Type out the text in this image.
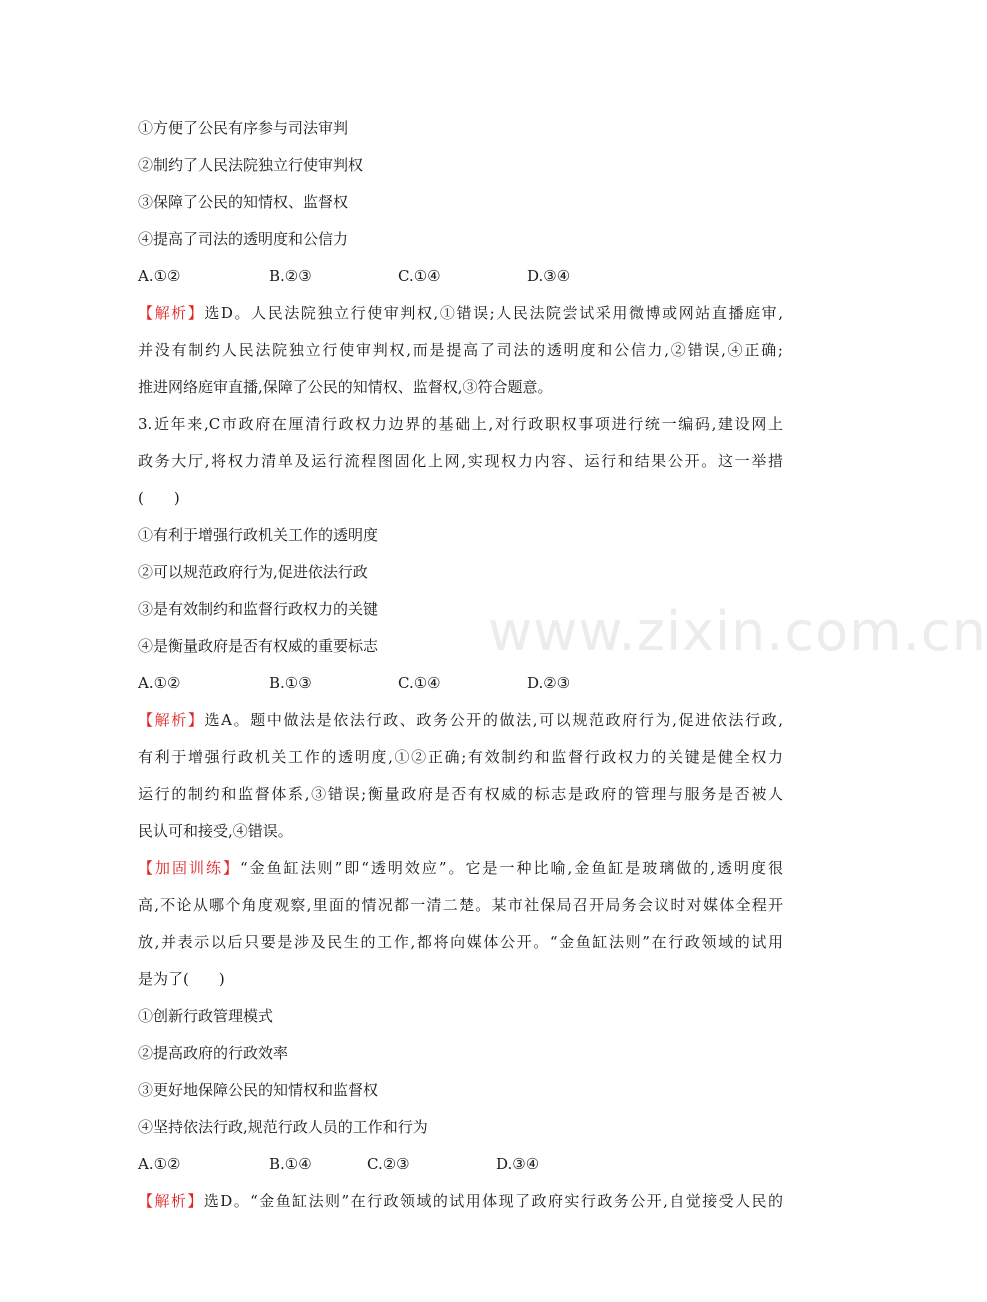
www.zixin.com.cn
①方便了公民有序参与司法审判
②制约了人民法院独立行使审判权
③保障了公民的知情权、监督权
④提高了司法的透明度和公信力
A.①②	B.②③	C.①④	D.③④
【解析】选D。人民法院独立行使审判权,①错误;人民法院尝试采用微博或网站直播庭审,
并没有制约人民法院独立行使审判权,而是提高了司法的透明度和公信力,②错误,④正确;
推进网络庭审直播,保障了公民的知情权、监督权,③符合题意。
3.近年来,C市政府在厘清行政权力边界的基础上,对行政职权事项进行统一编码,建设网上
政务大厅,将权力清单及运行流程图固化上网,实现权力内容、运行和结果公开。这一举措
(　　)
①有利于增强行政机关工作的透明度
②可以规范政府行为,促进依法行政
③是有效制约和监督行政权力的关键
④是衡量政府是否有权威的重要标志
A.①②	B.①③	C.①④	D.②③
【解析】选A。题中做法是依法行政、政务公开的做法,可以规范政府行为,促进依法行政,
有利于增强行政机关工作的透明度,①②正确;有效制约和监督行政权力的关键是健全权力
运行的制约和监督体系,③错误;衡量政府是否有权威的标志是政府的管理与服务是否被人
民认可和接受,④错误。
【加固训练】“金鱼缸法则”即“透明效应”。它是一种比喻,金鱼缸是玻璃做的,透明度很
高,不论从哪个角度观察,里面的情况都一清二楚。某市社保局召开局务会议时对媒体全程开
放,并表示以后只要是涉及民生的工作,都将向媒体公开。“金鱼缸法则”在行政领域的试用
是为了(　　)
①创新行政管理模式
②提高政府的行政效率
③更好地保障公民的知情权和监督权
④坚持依法行政,规范行政人员的工作和行为
A.①②	B.①④	C.②③	D.③④
【解析】选D。“金鱼缸法则”在行政领域的试用体现了政府实行政务公开,自觉接受人民的
